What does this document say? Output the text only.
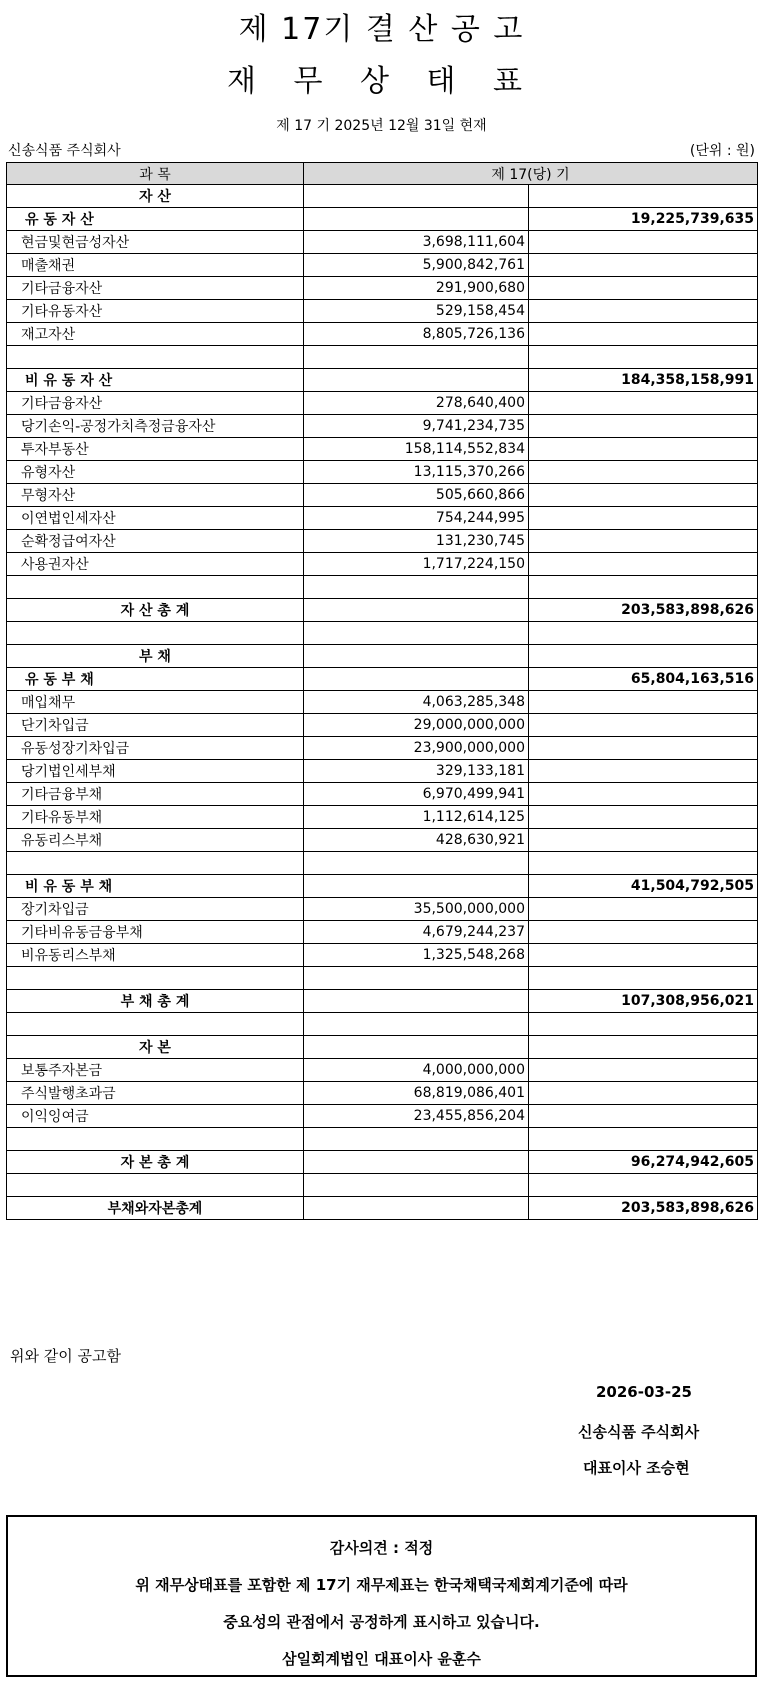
제 17기 결 산 공 고
재 무 상 태 표
제 17 기 2025년 12월 31일 현재
신송식품 주식회사	(단위 : 원)
과 목	제 17(당) 기	
자 산		
유 동 자 산		19,225,739,635
현금및현금성자산	3,698,111,604	
매출채권	5,900,842,761	
기타금융자산	291,900,680	
기타유동자산	529,158,454	
재고자산	8,805,726,136	

비 유 동 자 산		184,358,158,991
기타금융자산	278,640,400	
당기손익-공정가치측정금융자산	9,741,234,735	
투자부동산	158,114,552,834	
유형자산	13,115,370,266	
무형자산	505,660,866	
이연법인세자산	754,244,995	
순확정급여자산	131,230,745	
사용권자산	1,717,224,150	

자 산 총 계		203,583,898,626

부 채		
유 동 부 채		65,804,163,516
매입채무	4,063,285,348	
단기차입금	29,000,000,000	
유동성장기차입금	23,900,000,000	
당기법인세부채	329,133,181	
기타금융부채	6,970,499,941	
기타유동부채	1,112,614,125	
유동리스부채	428,630,921	

비 유 동 부 채		41,504,792,505
장기차입금	35,500,000,000	
기타비유동금융부채	4,679,244,237	
비유동리스부채	1,325,548,268	

부 채 총 계		107,308,956,021

자 본		
보통주자본금	4,000,000,000	
주식발행초과금	68,819,086,401	
이익잉여금	23,455,856,204	

자 본 총 계		96,274,942,605

부채와자본총계		203,583,898,626
위와 같이 공고함
2026-03-25
신송식품 주식회사
대표이사 조승현
감사의견 : 적정
위 재무상태표를 포함한 제 17기 재무제표는 한국채택국제회계기준에 따라
중요성의 관점에서 공정하게 표시하고 있습니다.
삼일회계법인 대표이사 윤훈수
